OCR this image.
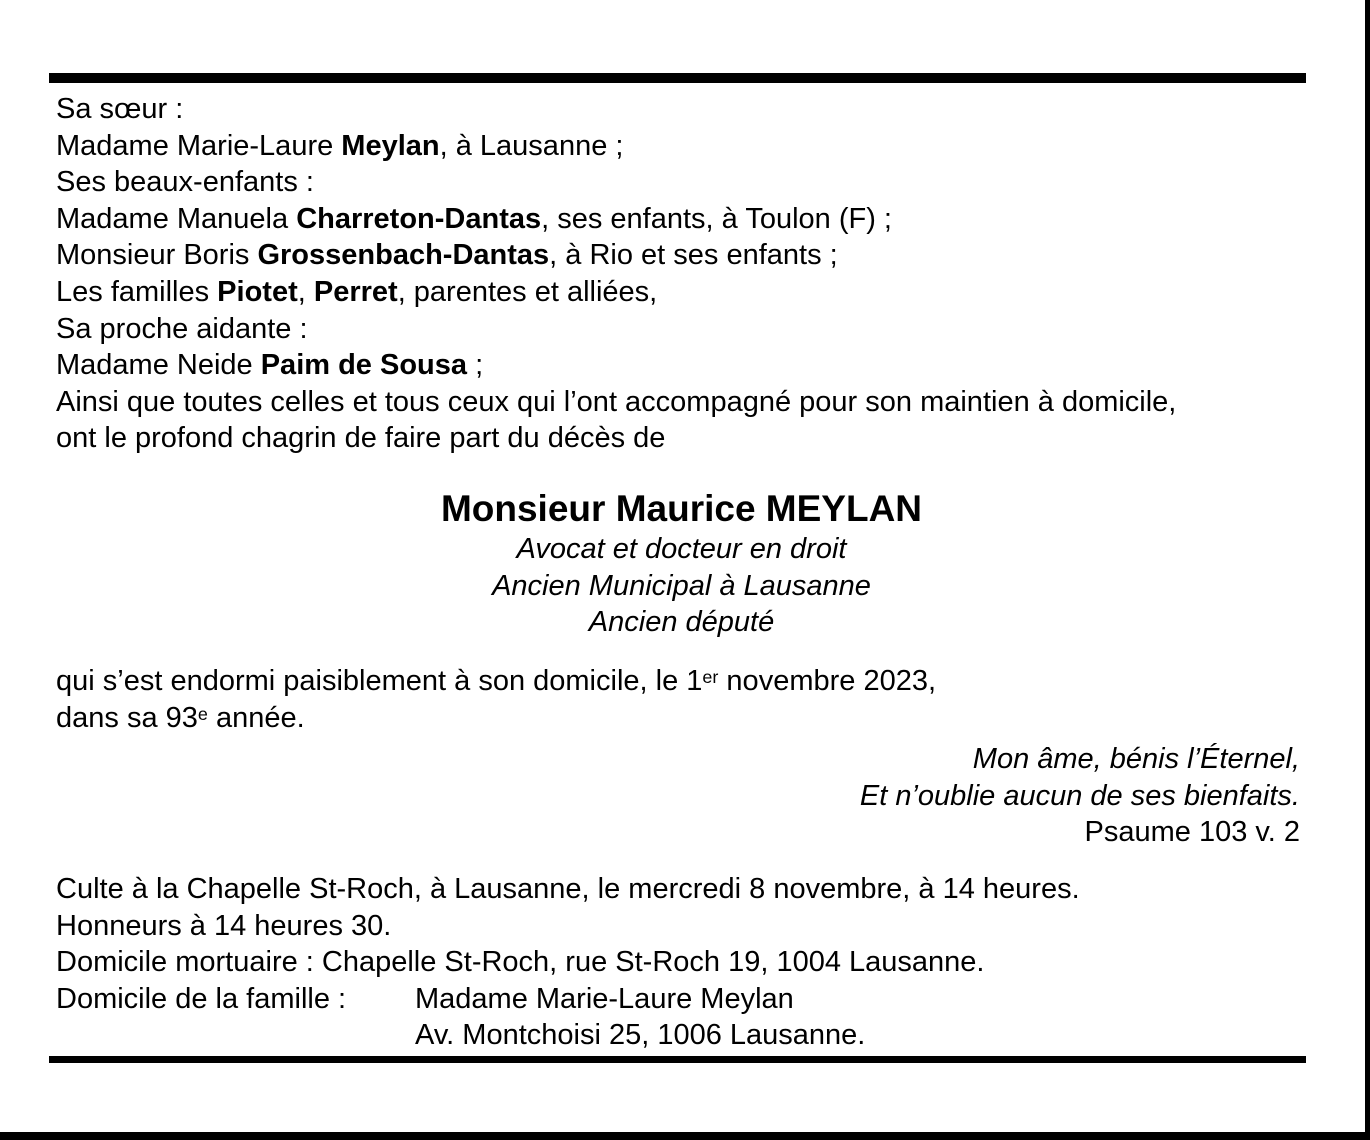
Sa sœur :
Madame Marie-Laure Meylan, à Lausanne ;
Ses beaux-enfants :
Madame Manuela Charreton-Dantas, ses enfants, à Toulon (F) ;
Monsieur Boris Grossenbach-Dantas, à Rio et ses enfants ;
Les familles Piotet, Perret, parentes et alliées,
Sa proche aidante :
Madame Neide Paim de Sousa ;
Ainsi que toutes celles et tous ceux qui l’ont accompagné pour son maintien à domicile,
ont le profond chagrin de faire part du décès de
Monsieur Maurice MEYLAN
Avocat et docteur en droit
Ancien Municipal à Lausanne
Ancien député
qui s’est endormi paisiblement à son domicile, le 1er novembre 2023,
dans sa 93e année.
Mon âme, bénis l’Éternel,
Et n’oublie aucun de ses bienfaits.
Psaume 103 v. 2
Culte à la Chapelle St-Roch, à Lausanne, le mercredi 8 novembre, à 14 heures.
Honneurs à 14 heures 30.
Domicile mortuaire : Chapelle St-Roch, rue St-Roch 19, 1004 Lausanne.
Domicile de la famille :	Madame Marie-Laure Meylan
Av. Montchoisi 25, 1006 Lausanne.
